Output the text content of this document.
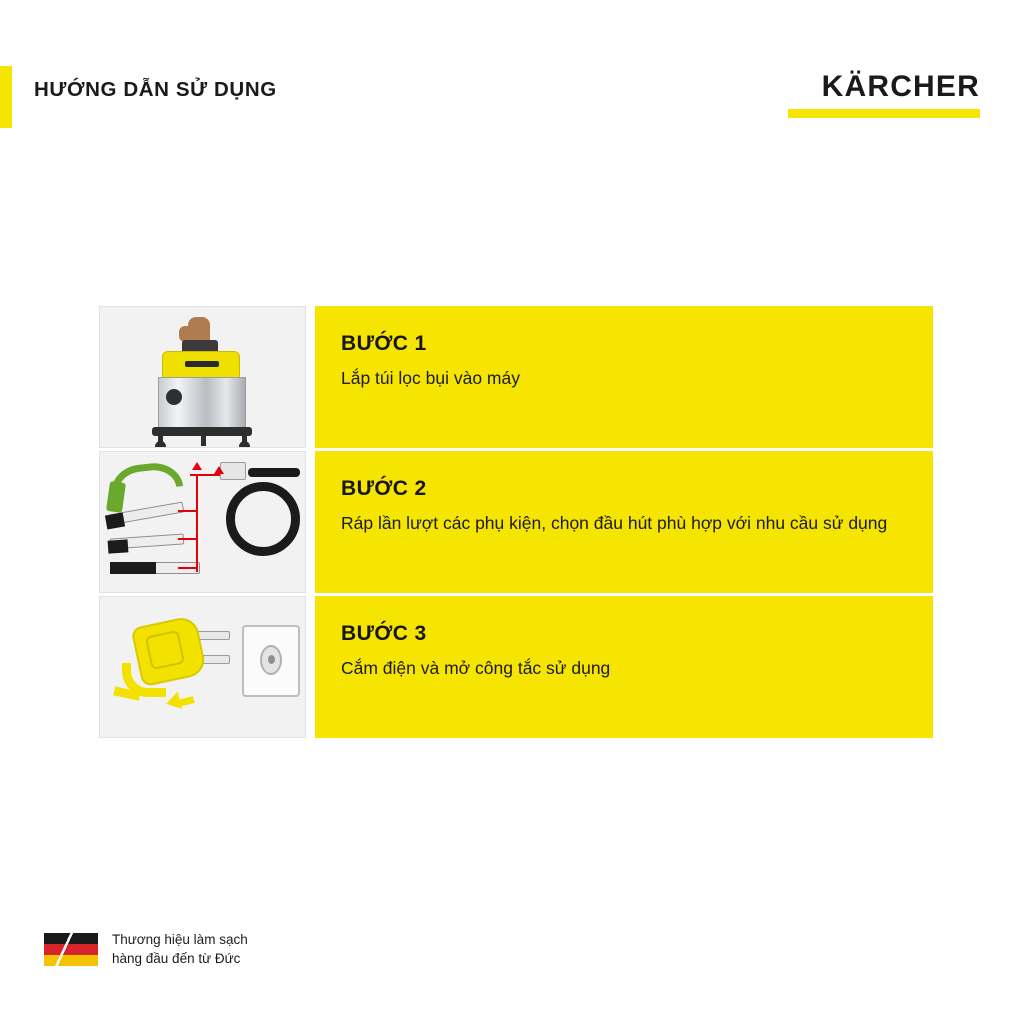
HƯỚNG DẪN SỬ DỤNG	KÄRCHER
BƯỚC 1
Lắp túi lọc bụi vào máy
BƯỚC 2
Ráp lần lượt các phụ kiện, chọn đầu hút phù hợp với nhu cầu sử dụng
BƯỚC 3
Cắm điện và mở công tắc sử dụng
Thương hiệu làm sạch
hàng đầu đến từ Đức
